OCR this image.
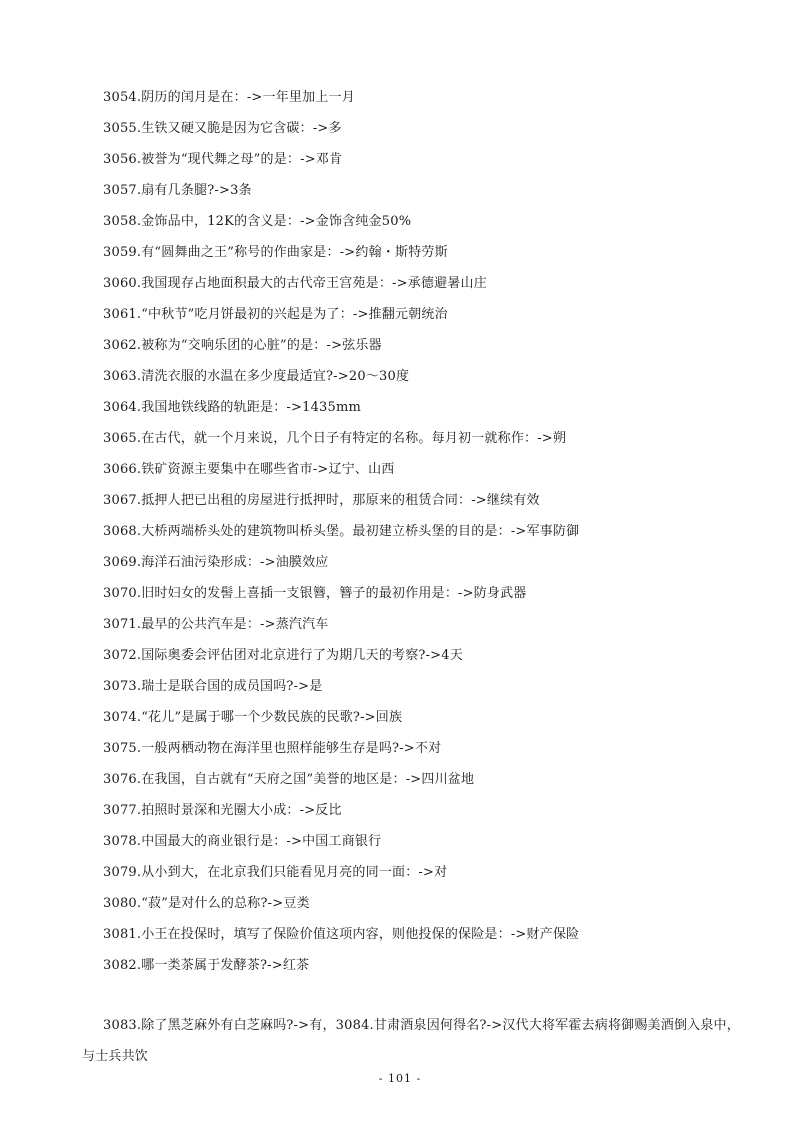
3054.阴历的闰月是在：->一年里加上一月
3055.生铁又硬又脆是因为它含碳：->多
3056.被誉为“现代舞之母”的是：->邓肯
3057.扇有几条腿?->3条
3058.金饰品中，12K的含义是：->金饰含纯金50%
3059.有“圆舞曲之王”称号的作曲家是：->约翰・斯特劳斯
3060.我国现存占地面积最大的古代帝王宫苑是：->承德避暑山庄
3061.“中秋节”吃月饼最初的兴起是为了：->推翻元朝统治
3062.被称为“交响乐团的心脏”的是：->弦乐器
3063.清洗衣服的水温在多少度最适宜?->20～30度
3064.我国地铁线路的轨距是：->1435mm
3065.在古代，就一个月来说，几个日子有特定的名称。每月初一就称作：->朔
3066.铁矿资源主要集中在哪些省市->辽宁、山西
3067.抵押人把已出租的房屋进行抵押时，那原来的租赁合同：->继续有效
3068.大桥两端桥头处的建筑物叫桥头堡。最初建立桥头堡的目的是：->军事防御
3069.海洋石油污染形成：->油膜效应
3070.旧时妇女的发髻上喜插一支银簪，簪子的最初作用是：->防身武器
3071.最早的公共汽车是：->蒸汽汽车
3072.国际奥委会评估团对北京进行了为期几天的考察?->4天
3073.瑞士是联合国的成员国吗?->是
3074.“花儿”是属于哪一个少数民族的民歌?->回族
3075.一般两栖动物在海洋里也照样能够生存是吗?->不对
3076.在我国，自古就有“天府之国”美誉的地区是：->四川盆地
3077.拍照时景深和光圈大小成：->反比
3078.中国最大的商业银行是：->中国工商银行
3079.从小到大，在北京我们只能看见月亮的同一面：->对
3080.“菽”是对什么的总称?->豆类
3081.小王在投保时，填写了保险价值这项内容，则他投保的保险是：->财产保险
3082.哪一类茶属于发酵茶?->红茶

3083.除了黑芝麻外有白芝麻吗?->有，3084.甘肃酒泉因何得名?->汉代大将军霍去病将御赐美酒倒入泉中，与士兵共饮

- 101 -
